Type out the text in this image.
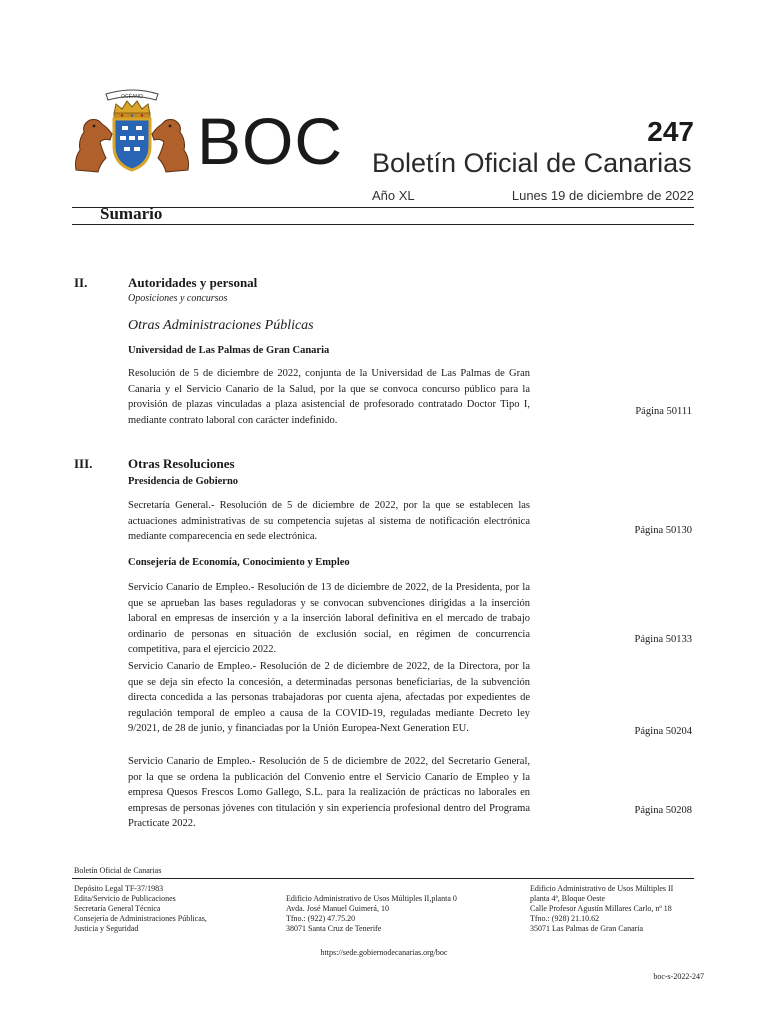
OCÉANO
BOC	247
Boletín Oficial de Canarias
Año XL	Lunes 19 de diciembre de 2022
Sumario
II.	Autoridades y personal
Oposiciones y concursos
Otras Administraciones Públicas
Universidad de Las Palmas de Gran Canaria
Resolución de 5 de diciembre de 2022, conjunta de la Universidad de Las Palmas de Gran Canaria y el Servicio Canario de la Salud, por la que se convoca concurso público para la provisión de plazas vinculadas a plaza asistencial de profesorado contratado Doctor Tipo I, mediante contrato laboral con carácter indefinido.
Página 50111
III.	Otras Resoluciones
Presidencia de Gobierno
Secretaría General.- Resolución de 5 de diciembre de 2022, por la que se establecen las actuaciones administrativas de su competencia sujetas al sistema de notificación electrónica mediante comparecencia en sede electrónica.
Página 50130
Consejería de Economía, Conocimiento y Empleo
Servicio Canario de Empleo.- Resolución de 13 de diciembre de 2022, de la Presidenta, por la que se aprueban las bases reguladoras y se convocan subvenciones dirigidas a la inserción laboral en empresas de inserción y a la inserción laboral definitiva en el mercado de trabajo ordinario de personas en situación de exclusión social, en régimen de concurrencia competitiva, para el ejercicio 2022.
Página 50133
Servicio Canario de Empleo.- Resolución de 2 de diciembre de 2022, de la Directora, por la que se deja sin efecto la concesión, a determinadas personas beneficiarias, de la subvención directa concedida a las personas trabajadoras por cuenta ajena, afectadas por expedientes de regulación temporal de empleo a causa de la COVID-19, reguladas mediante Decreto ley 9/2021, de 28 de junio, y financiadas por la Unión Europea-Next Generation EU.	Página 50204
Servicio Canario de Empleo.- Resolución de 5 de diciembre de 2022, del Secretario General, por la que se ordena la publicación del Convenio entre el Servicio Canario de Empleo y la empresa Quesos Frescos Lomo Gallego, S.L. para la realización de prácticas no laborales en empresas de personas jóvenes con titulación y sin experiencia profesional dentro del Programa Practicate 2022.
Página 50208
Boletín Oficial de Canarias
Depósito Legal TF-37/1983
Edita/Servicio de Publicaciones
Secretaría General Técnica
Consejería de Administraciones Públicas,
Justicia y Seguridad
Edificio Administrativo de Usos Múltiples II,planta 0
Avda. José Manuel Guimerá, 10
Tfno.: (922) 47.75.20
38071 Santa Cruz de Tenerife
Edificio Administrativo de Usos Múltiples II
planta 4ª, Bloque Oeste
Calle Profesor Agustín Millares Carlo, nº 18
Tfno.: (928) 21.10.62
35071 Las Palmas de Gran Canaria
https://sede.gobiernodecanarias.org/boc
boc-s-2022-247
